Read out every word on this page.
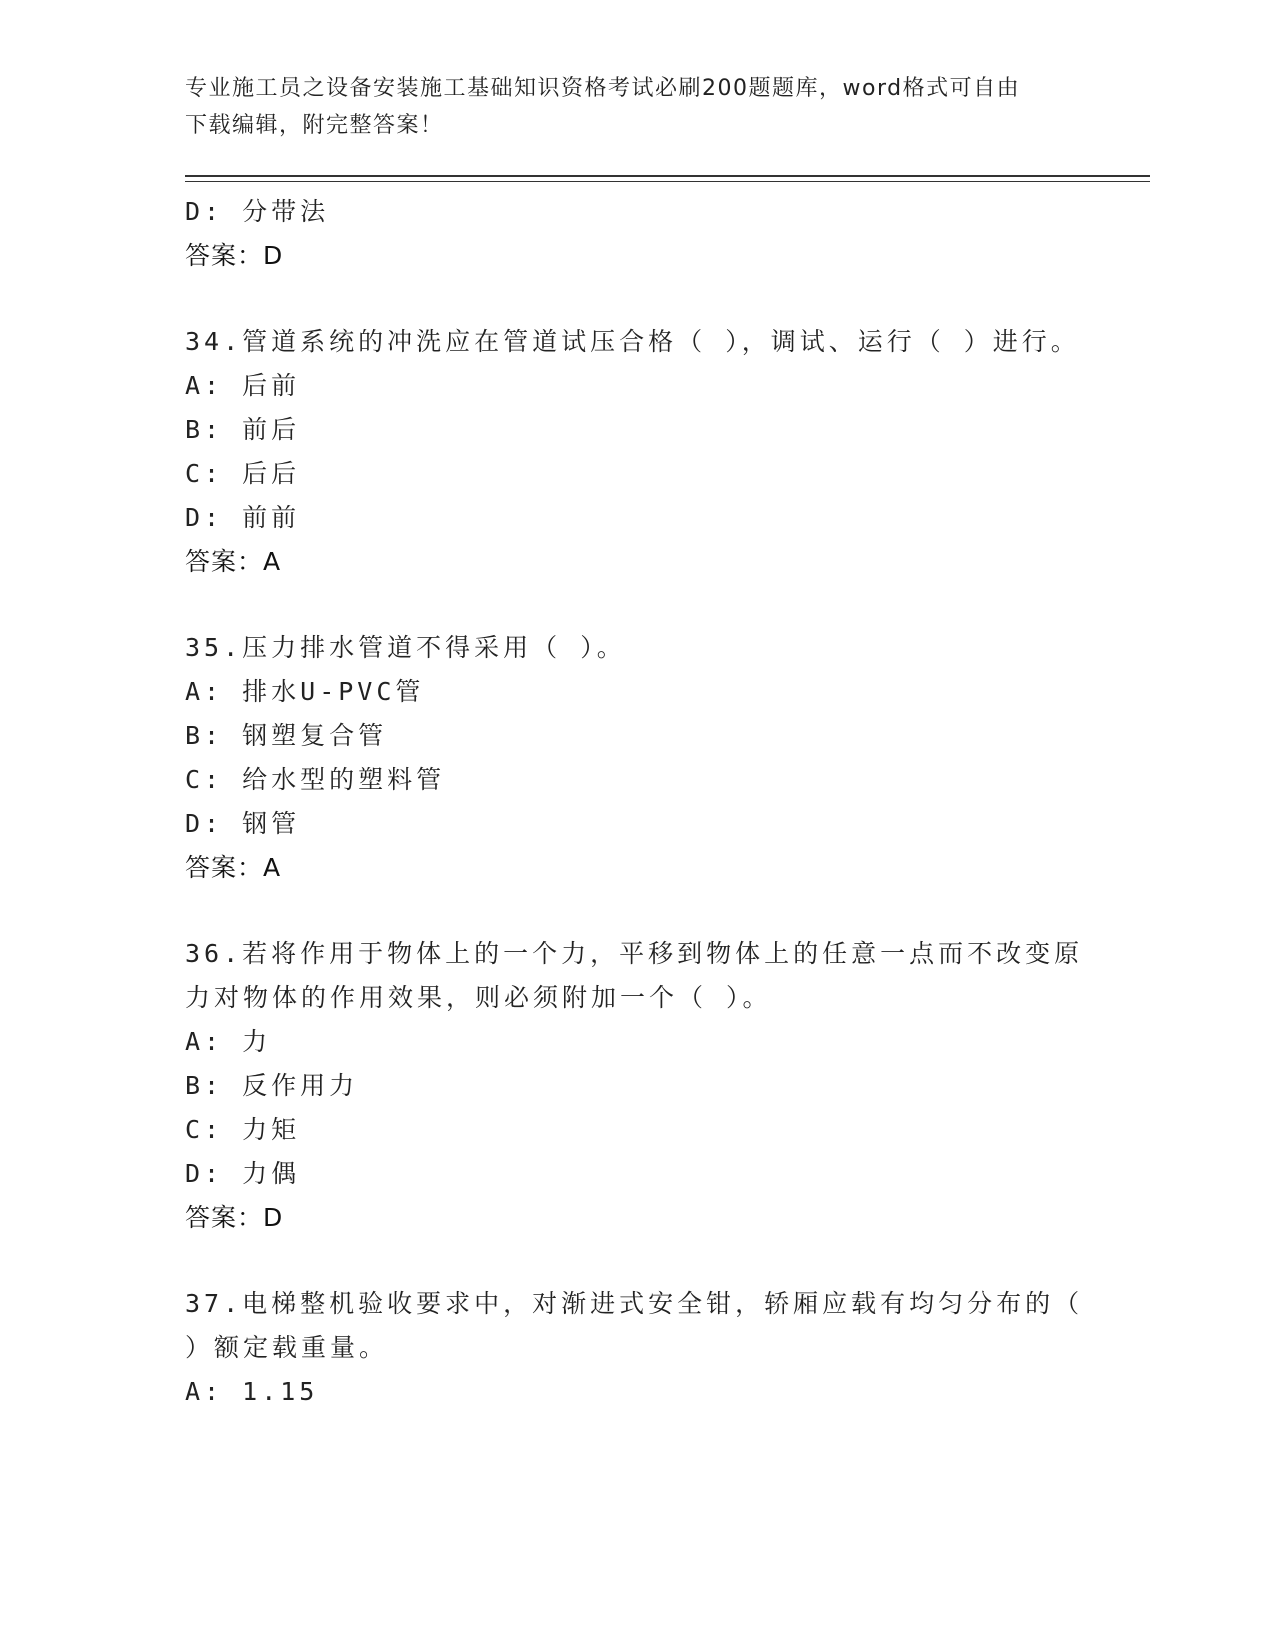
专业施工员之设备安装施工基础知识资格考试必刷200题题库，word格式可自由
下载编辑，附完整答案！
D: 分带法
答案：D
34.管道系统的冲洗应在管道试压合格（ ），调试、运行（ ）进行。
A: 后前
B: 前后
C: 后后
D: 前前
答案：A
35.压力排水管道不得采用（ ）。
A: 排水U-PVC管
B: 钢塑复合管
C: 给水型的塑料管
D: 钢管
答案：A
36.若将作用于物体上的一个力，平移到物体上的任意一点而不改变原
力对物体的作用效果，则必须附加一个（ ）。
A: 力
B: 反作用力
C: 力矩
D: 力偶
答案：D
37.电梯整机验收要求中，对渐进式安全钳，轿厢应载有均匀分布的（
）额定载重量。
A: 1.15
